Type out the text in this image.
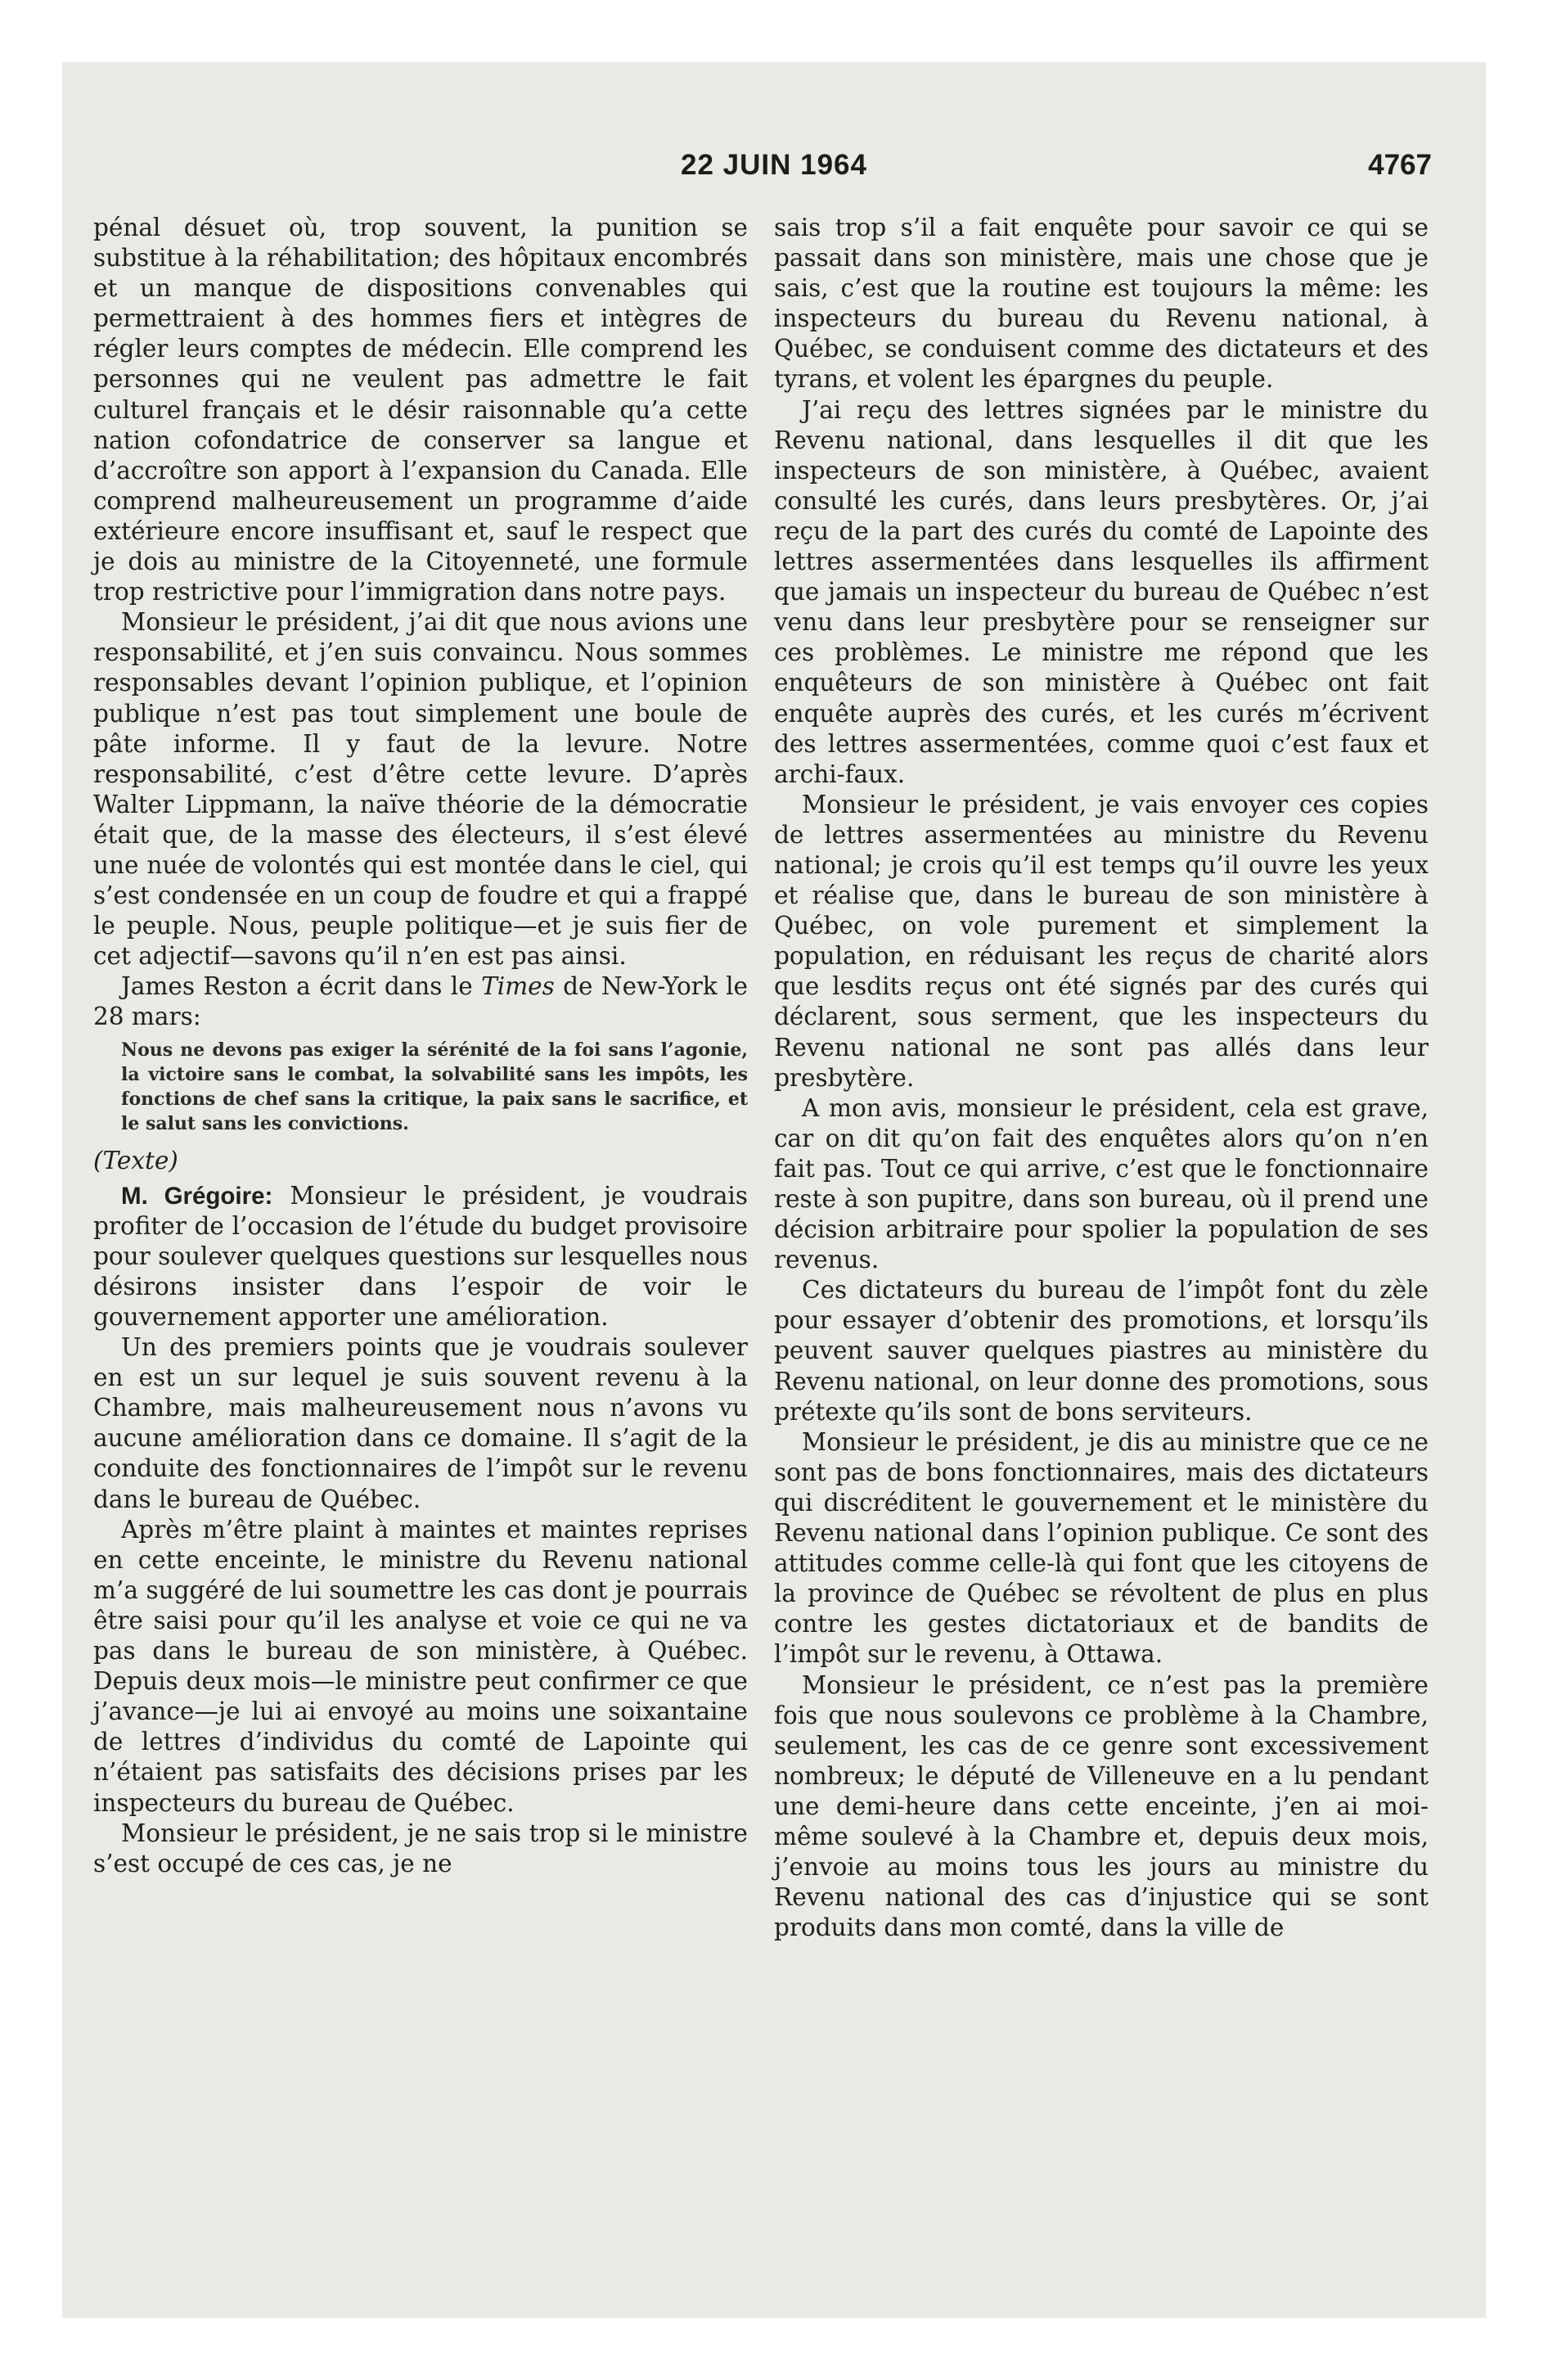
22 JUIN 1964	4767

pénal désuet où, trop souvent, la punition se substitue à la réhabilitation; des hôpitaux encombrés et un manque de dispositions convenables qui permettraient à des hommes fiers et intègres de régler leurs comptes de médecin. Elle comprend les personnes qui ne veulent pas admettre le fait culturel français et le désir raisonnable qu’a cette nation cofondatrice de conserver sa langue et d’accroître son apport à l’expansion du Canada. Elle comprend malheureusement un programme d’aide extérieure encore insuffisant et, sauf le respect que je dois au ministre de la Citoyenneté, une formule trop restrictive pour l’immigration dans notre pays.

Monsieur le président, j’ai dit que nous avions une responsabilité, et j’en suis convaincu. Nous sommes responsables devant l’opinion publique, et l’opinion publique n’est pas tout simplement une boule de pâte informe. Il y faut de la levure. Notre responsabilité, c’est d’être cette levure. D’après Walter Lippmann, la naïve théorie de la démocratie était que, de la masse des électeurs, il s’est élevé une nuée de volontés qui est montée dans le ciel, qui s’est condensée en un coup de foudre et qui a frappé le peuple. Nous, peuple politique—et je suis fier de cet adjectif—savons qu’il n’en est pas ainsi.

James Reston a écrit dans le Times de New-York le 28 mars:

Nous ne devons pas exiger la sérénité de la foi sans l’agonie, la victoire sans le combat, la solvabilité sans les impôts, les fonctions de chef sans la critique, la paix sans le sacrifice, et le salut sans les convictions.

(Texte)

M. Grégoire: Monsieur le président, je voudrais profiter de l’occasion de l’étude du budget provisoire pour soulever quelques questions sur lesquelles nous désirons insister dans l’espoir de voir le gouvernement apporter une amélioration.

Un des premiers points que je voudrais soulever en est un sur lequel je suis souvent revenu à la Chambre, mais malheureusement nous n’avons vu aucune amélioration dans ce domaine. Il s’agit de la conduite des fonctionnaires de l’impôt sur le revenu dans le bureau de Québec.

Après m’être plaint à maintes et maintes reprises en cette enceinte, le ministre du Revenu national m’a suggéré de lui soumettre les cas dont je pourrais être saisi pour qu’il les analyse et voie ce qui ne va pas dans le bureau de son ministère, à Québec. Depuis deux mois—le ministre peut confirmer ce que j’avance—je lui ai envoyé au moins une soixantaine de lettres d’individus du comté de Lapointe qui n’étaient pas satisfaits des décisions prises par les inspecteurs du bureau de Québec.

Monsieur le président, je ne sais trop si le ministre s’est occupé de ces cas, je ne

sais trop s’il a fait enquête pour savoir ce qui se passait dans son ministère, mais une chose que je sais, c’est que la routine est toujours la même: les inspecteurs du bureau du Revenu national, à Québec, se conduisent comme des dictateurs et des tyrans, et volent les épargnes du peuple.

J’ai reçu des lettres signées par le ministre du Revenu national, dans lesquelles il dit que les inspecteurs de son ministère, à Québec, avaient consulté les curés, dans leurs presbytères. Or, j’ai reçu de la part des curés du comté de Lapointe des lettres assermentées dans lesquelles ils affirment que jamais un inspecteur du bureau de Québec n’est venu dans leur presbytère pour se renseigner sur ces problèmes. Le ministre me répond que les enquêteurs de son ministère à Québec ont fait enquête auprès des curés, et les curés m’écrivent des lettres assermentées, comme quoi c’est faux et archi-faux.

Monsieur le président, je vais envoyer ces copies de lettres assermentées au ministre du Revenu national; je crois qu’il est temps qu’il ouvre les yeux et réalise que, dans le bureau de son ministère à Québec, on vole purement et simplement la population, en réduisant les reçus de charité alors que lesdits reçus ont été signés par des curés qui déclarent, sous serment, que les inspecteurs du Revenu national ne sont pas allés dans leur presbytère.

A mon avis, monsieur le président, cela est grave, car on dit qu’on fait des enquêtes alors qu’on n’en fait pas. Tout ce qui arrive, c’est que le fonctionnaire reste à son pupitre, dans son bureau, où il prend une décision arbitraire pour spolier la population de ses revenus.

Ces dictateurs du bureau de l’impôt font du zèle pour essayer d’obtenir des promotions, et lorsqu’ils peuvent sauver quelques piastres au ministère du Revenu national, on leur donne des promotions, sous prétexte qu’ils sont de bons serviteurs.

Monsieur le président, je dis au ministre que ce ne sont pas de bons fonctionnaires, mais des dictateurs qui discréditent le gouvernement et le ministère du Revenu national dans l’opinion publique. Ce sont des attitudes comme celle-là qui font que les citoyens de la province de Québec se révoltent de plus en plus contre les gestes dictatoriaux et de bandits de l’impôt sur le revenu, à Ottawa.

Monsieur le président, ce n’est pas la première fois que nous soulevons ce problème à la Chambre, seulement, les cas de ce genre sont excessivement nombreux; le député de Villeneuve en a lu pendant une demi-heure dans cette enceinte, j’en ai moi-même soulevé à la Chambre et, depuis deux mois, j’envoie au moins tous les jours au ministre du Revenu national des cas d’injustice qui se sont produits dans mon comté, dans la ville de
